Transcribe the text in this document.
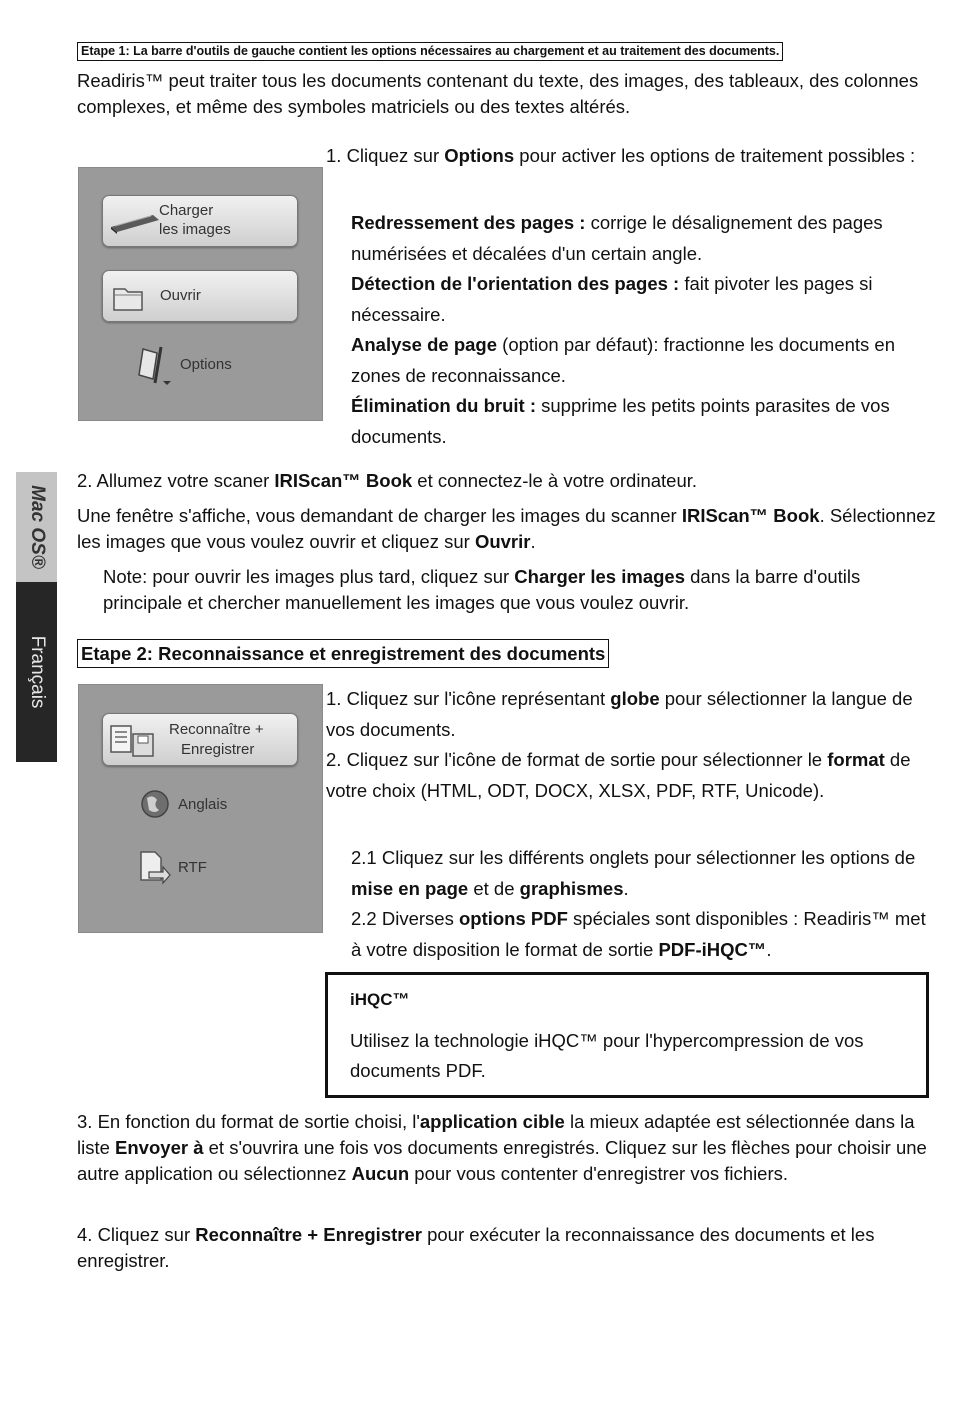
Mac OS®
Français
Etape 1: La barre d'outils de gauche contient les options nécessaires au chargement et au traitement des documents.
Readiris™ peut traiter tous les documents contenant du texte, des images, des tableaux, des colonnes complexes, et même des symboles matriciels ou des textes altérés.
Charger
les images
Ouvrir
Options
1. Cliquez sur Options pour activer les options de traitement possibles :
Redressement des pages : corrige le désalignement des pages numérisées et décalées d'un certain angle.
Détection de l'orientation des pages : fait pivoter les pages si nécessaire.
Analyse de page (option par défaut): fractionne les documents en zones de reconnaissance.
Élimination du bruit : supprime les petits points parasites de vos documents.
2. Allumez votre scaner IRIScan™ Book et connectez-le à votre ordinateur.
Une fenêtre s'affiche, vous demandant de charger les images du scanner IRIScan™ Book. Sélectionnez les images que vous voulez ouvrir et cliquez sur Ouvrir.
Note: pour ouvrir les images plus tard, cliquez sur Charger les images dans la barre d'outils principale et chercher manuellement les images que vous voulez ouvrir.
Etape 2: Reconnaissance et enregistrement des documents
Reconnaître +
Enregistrer
Anglais
RTF
1. Cliquez sur l'icône représentant globe pour sélectionner la langue de vos documents.
2. Cliquez sur l'icône de format de sortie pour sélectionner le format de votre choix (HTML, ODT, DOCX, XLSX, PDF, RTF, Unicode).
2.1 Cliquez sur les différents onglets pour sélectionner les options de mise en page et de graphismes.
2.2 Diverses options PDF spéciales sont disponibles : Readiris™ met à votre disposition le format de sortie PDF-iHQC™.
iHQC™
Utilisez la technologie iHQC™ pour l'hypercompression de vos documents PDF.
3. En fonction du format de sortie choisi, l'application cible la mieux adaptée est sélectionnée dans la liste Envoyer à et s'ouvrira une fois vos documents enregistrés. Cliquez sur les flèches pour choisir une autre application ou sélectionnez Aucun pour vous contenter d'enregistrer vos fichiers.
4. Cliquez sur Reconnaître + Enregistrer pour exécuter la reconnaissance des documents et les enregistrer.
